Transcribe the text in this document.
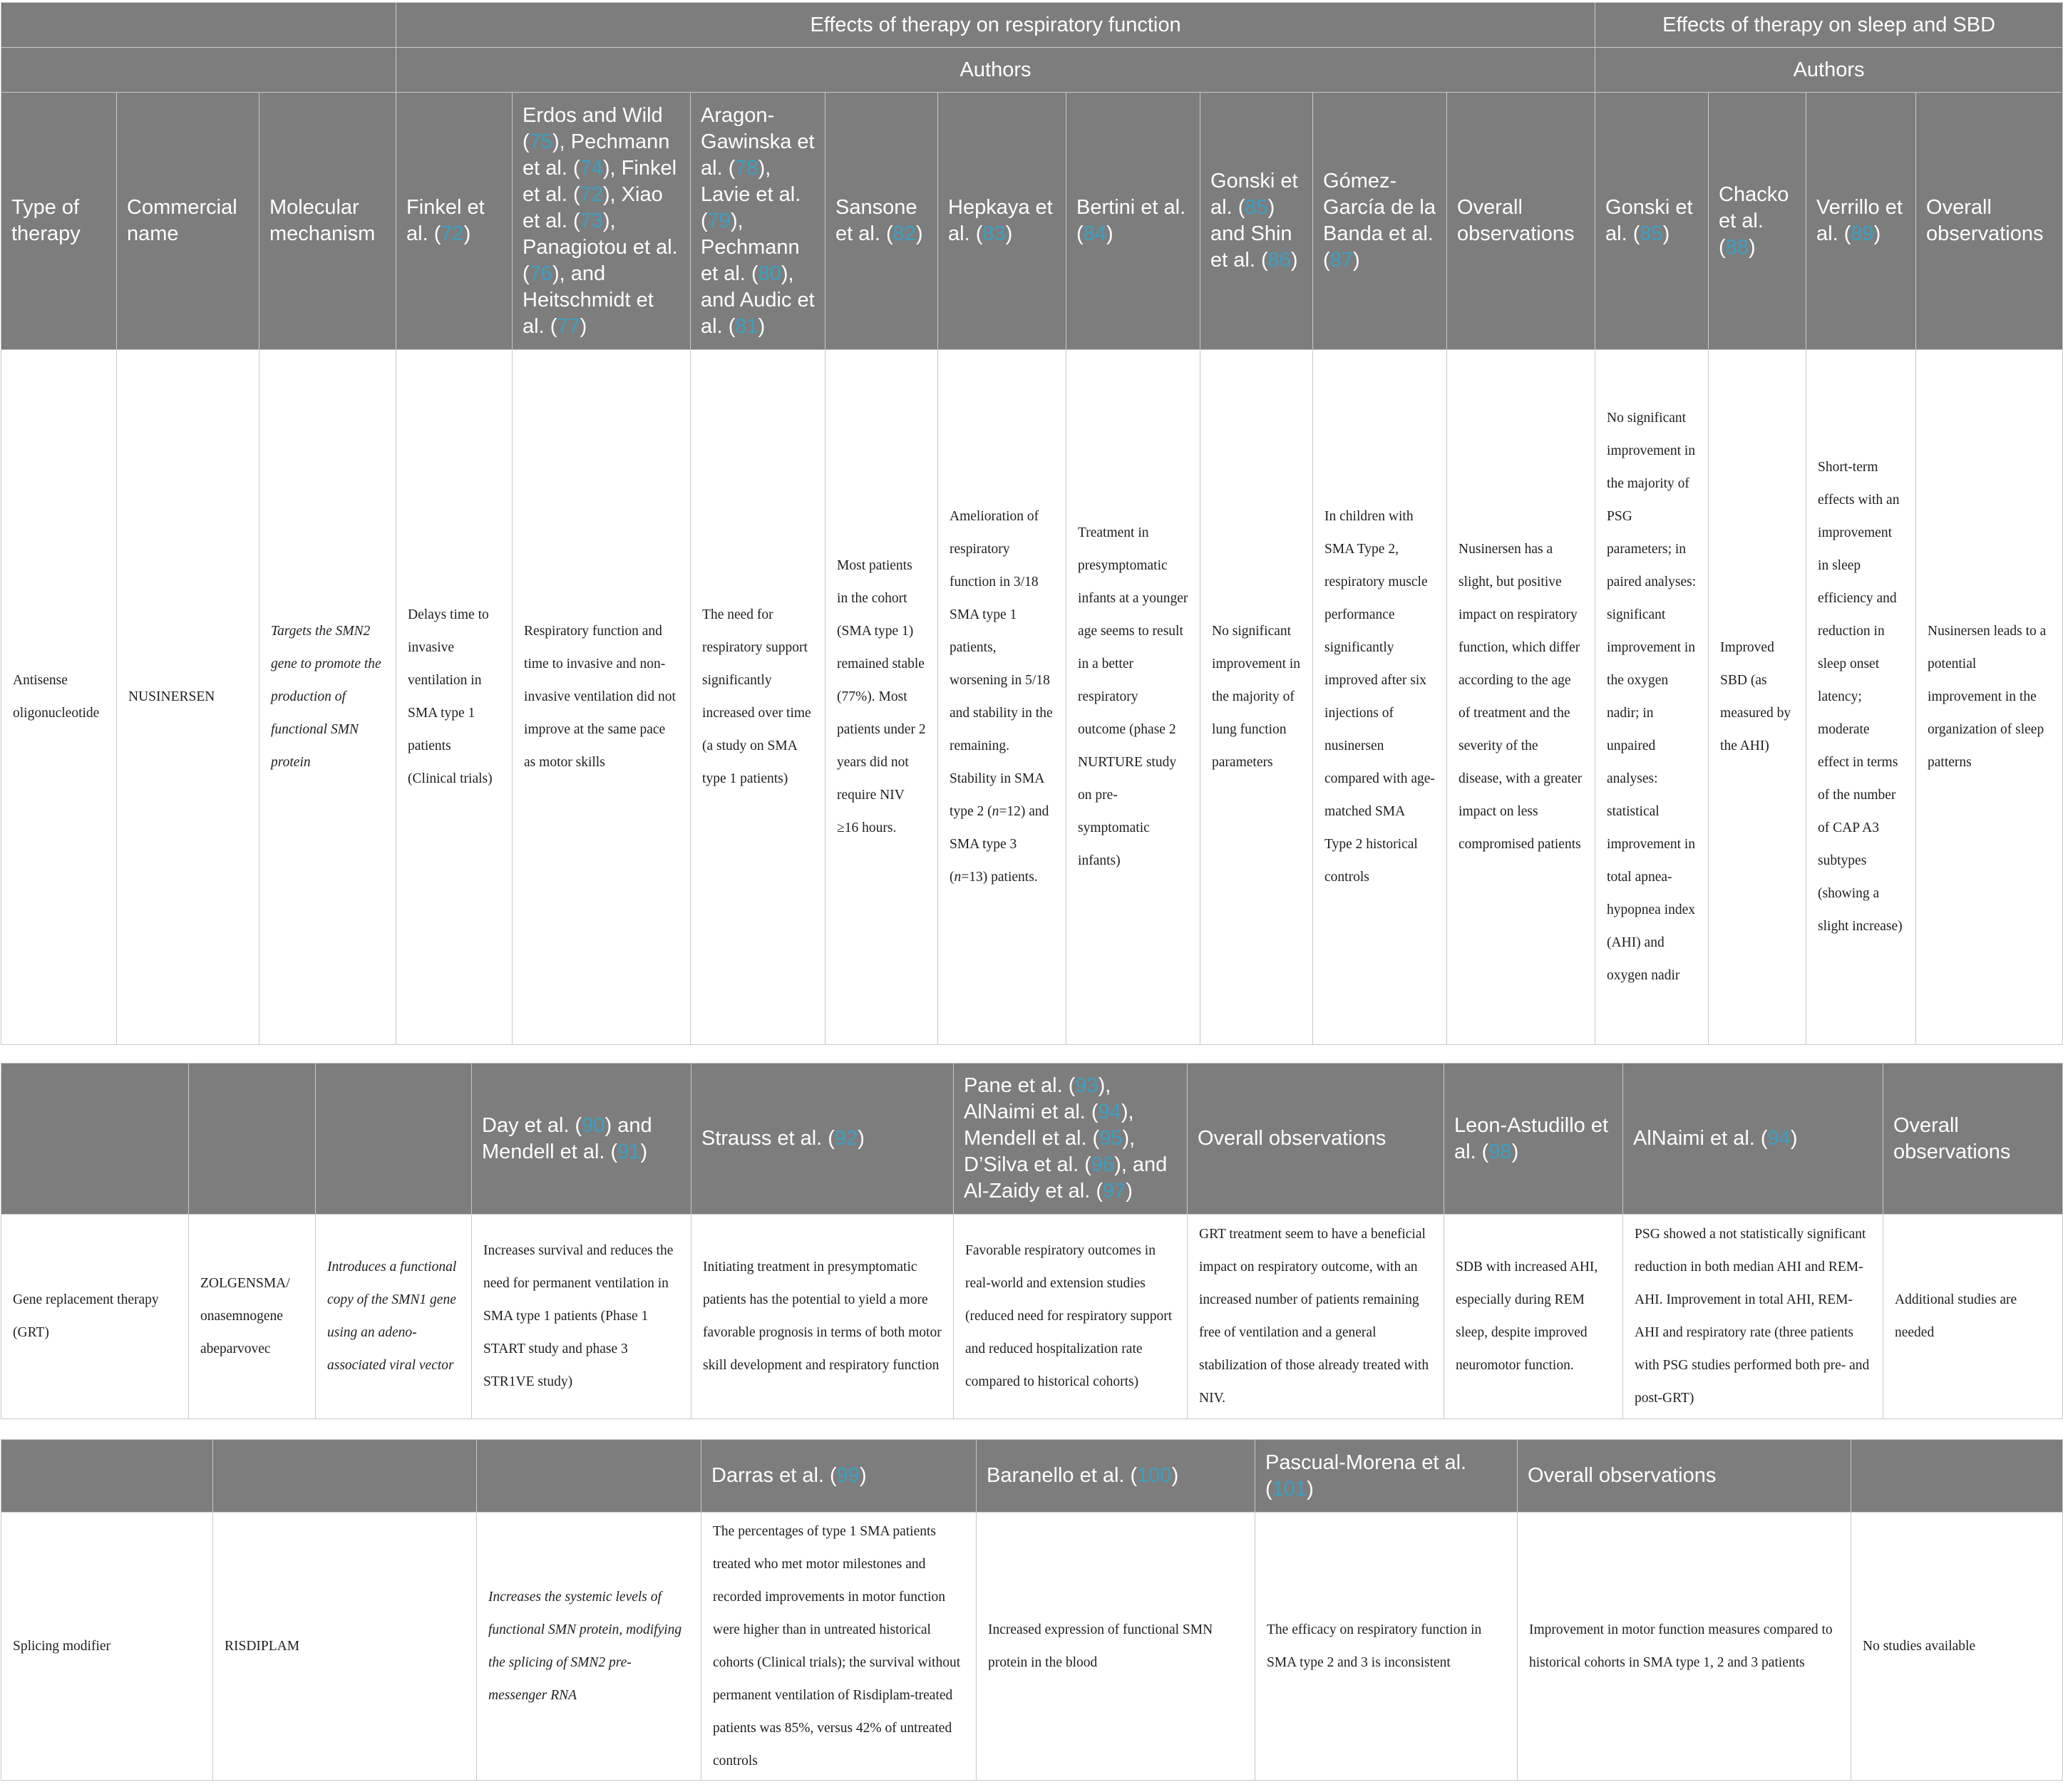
			Effects of therapy on respiratory function									Effects of therapy on sleep and SBD			
			Authors									Authors			
Type of therapy	Commercial name	Molecular mechanism	Finkel et al. (72)	Erdos and Wild (75), Pechmann et al. (74), Finkel et al. (72), Xiao et al. (73), Panagiotou et al. (76), and Heitschmidt et al. (77)	Aragon-Gawinska et al. (78), Lavie et al. (79), Pechmann et al. (80), and Audic et al. (81)	Sansone et al. (82)	Hepkaya et al. (83)	Bertini et al. (84)	Gonski et al. (85) and Shin et al. (86)	Gómez-García de la Banda et al. (87)	Overall observations	Gonski et al. (85)	Chacko et al. (88)	Verrillo et al. (89)	Overall observations
Antisense oligonucleotide	NUSINERSEN	Targets the SMN2 gene to promote the production of functional SMN protein	Delays time to invasive ventilation in SMA type 1 patients (Clinical trials)	Respiratory function and time to invasive and non-invasive ventilation did not improve at the same pace as motor skills	The need for respiratory support significantly increased over time (a study on SMA type 1 patients)	Most patients in the cohort (SMA type 1) remained stable (77%). Most patients under 2 years did not require NIV ≥16 hours.	Amelioration of respiratory function in 3/18 SMA type 1 patients, worsening in 5/18 and stability in the remaining. Stability in SMA type 2 (n=12) and SMA type 3 (n=13) patients.	Treatment in presymptomatic infants at a younger age seems to result in a better respiratory outcome (phase 2 NURTURE study on pre-symptomatic infants)	No significant improvement in the majority of lung function parameters	In children with SMA Type 2, respiratory muscle performance significantly improved after six injections of nusinersen compared with age-matched SMA Type 2 historical controls	Nusinersen has a slight, but positive impact on respiratory function, which differ according to the age of treatment and the severity of the disease, with a greater impact on less compromised patients	No significant improvement in the majority of PSG parameters; in paired analyses: significant improvement in the oxygen nadir; in unpaired analyses: statistical improvement in total apnea-hypopnea index (AHI) and oxygen nadir	Improved SBD (as measured by the AHI)	Short-term effects with an improvement in sleep efficiency and reduction in sleep onset latency; moderate effect in terms of the number of CAP A3 subtypes (showing a slight increase)	Nusinersen leads to a potential improvement in the organization of sleep patterns
			Day et al. (90) and Mendell et al. (91)	Strauss et al. (92)	Pane et al. (93), AlNaimi et al. (94), Mendell et al. (95), D’Silva et al. (96), and Al-Zaidy et al. (97)	Overall observations	Leon-Astudillo et al. (98)	AlNaimi et al. (94)	Overall observations
Gene replacement therapy (GRT)	ZOLGENSMA/ onasemnogene abeparvovec	Introduces a functional copy of the SMN1 gene using an adeno-associated viral vector	Increases survival and reduces the need for permanent ventilation in SMA type 1 patients (Phase 1 START study and phase 3 STR1VE study)	Initiating treatment in presymptomatic patients has the potential to yield a more favorable prognosis in terms of both motor skill development and respiratory function	Favorable respiratory outcomes in real-world and extension studies (reduced need for respiratory support and reduced hospitalization rate compared to historical cohorts)	GRT treatment seem to have a beneficial impact on respiratory outcome, with an increased number of patients remaining free of ventilation and a general stabilization of those already treated with NIV.	SDB with increased AHI, especially during REM sleep, despite improved neuromotor function.	PSG showed a not statistically significant reduction in both median AHI and REM-AHI. Improvement in total AHI, REM-AHI and respiratory rate (three patients with PSG studies performed both pre- and post-GRT)	Additional studies are needed
			Darras et al. (99)	Baranello et al. (100)	Pascual-Morena et al. (101)	Overall observations	
Splicing modifier	RISDIPLAM	Increases the systemic levels of functional SMN protein, modifying the splicing of SMN2 pre-messenger RNA	The percentages of type 1 SMA patients treated who met motor milestones and recorded improvements in motor function were higher than in untreated historical cohorts (Clinical trials); the survival without permanent ventilation of Risdiplam-treated patients was 85%, versus 42% of untreated controls	Increased expression of functional SMN protein in the blood	The efficacy on respiratory function in SMA type 2 and 3 is inconsistent	Improvement in motor function measures compared to historical cohorts in SMA type 1, 2 and 3 patients	No studies available
